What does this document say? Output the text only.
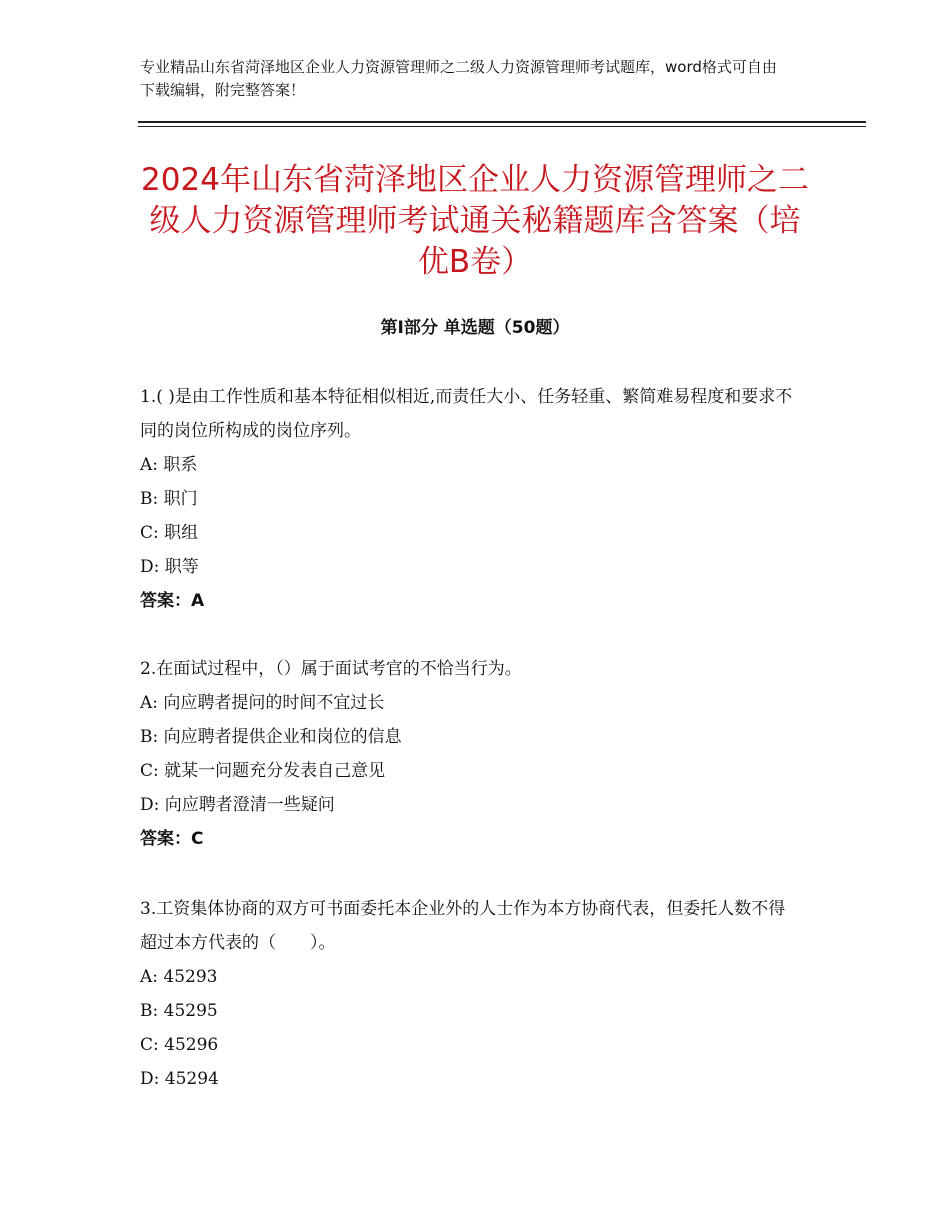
专业精品山东省菏泽地区企业人力资源管理师之二级人力资源管理师考试题库，word格式可自由下载编辑，附完整答案！
2024年山东省菏泽地区企业人力资源管理师之二级人力资源管理师考试通关秘籍题库含答案（培优B卷）
第Ⅰ部分 单选题（50题）
1.( )是由工作性质和基本特征相似相近,而责任大小、任务轻重、繁简难易程度和要求不同的岗位所构成的岗位序列。
A: 职系
B: 职门
C: 职组
D: 职等
答案：A
2.在面试过程中，（）属于面试考官的不恰当行为。
A: 向应聘者提问的时间不宜过长
B: 向应聘者提供企业和岗位的信息
C: 就某一问题充分发表自己意见
D: 向应聘者澄清一些疑问
答案：C
3.工资集体协商的双方可书面委托本企业外的人士作为本方协商代表，但委托人数不得超过本方代表的（　　）。
A: 45293
B: 45295
C: 45296
D: 45294
